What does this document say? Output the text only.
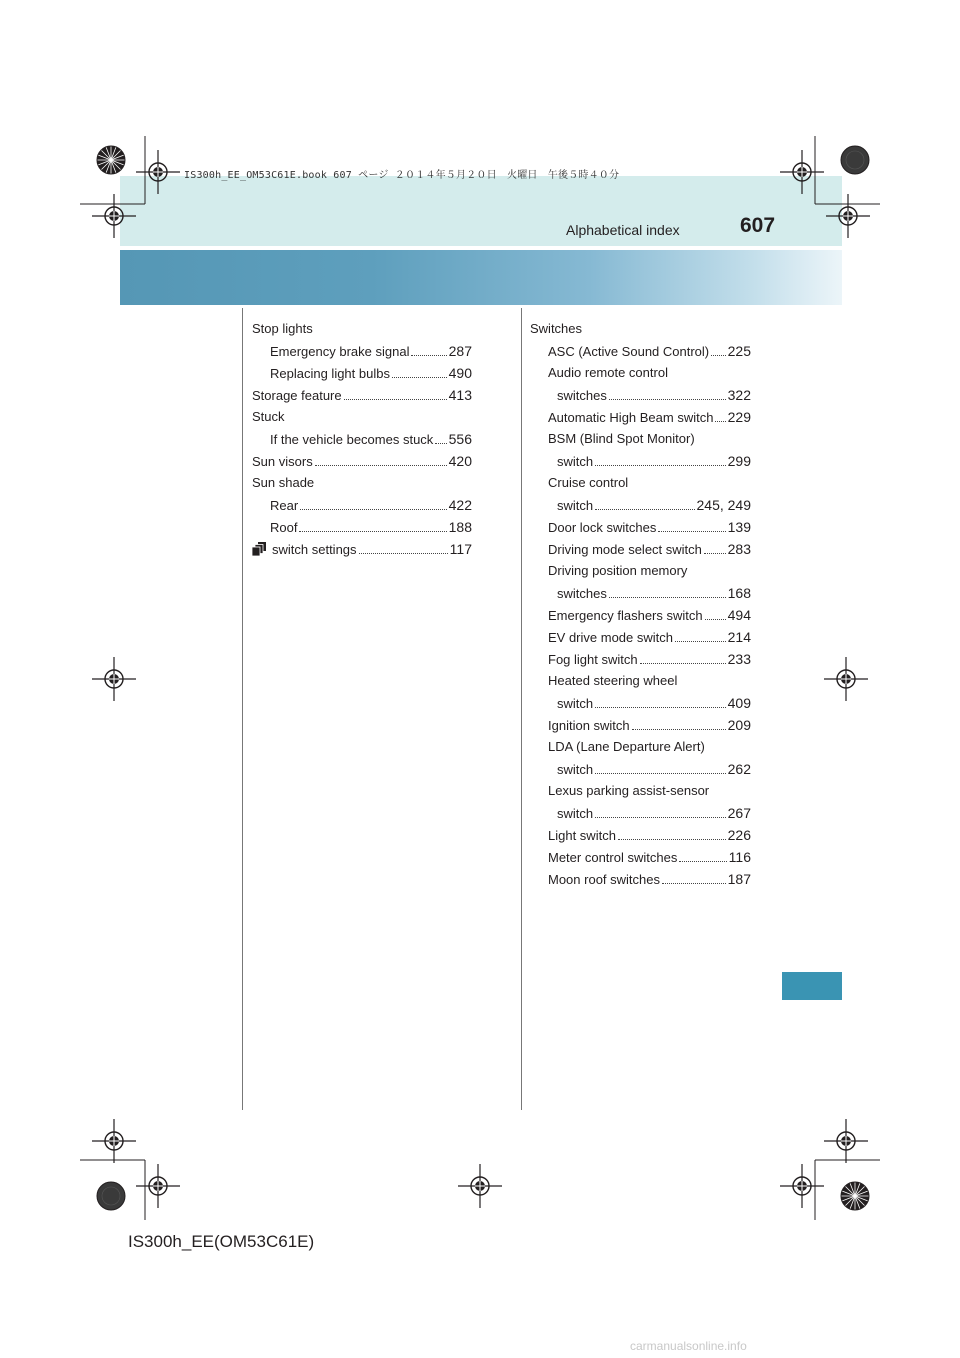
IS300h_EE_OM53C61E.book 607 ページ ２０１４年５月２０日　火曜日　午後５時４０分
Alphabetical index	607
Stop lights
Emergency brake signal	287
Replacing light bulbs	490
Storage feature	413
Stuck
If the vehicle becomes stuck 556
Sun visors	420
Sun shade
Rear	422
Roof	188
switch settings	117
Switches
ASC (Active Sound Control) 225
Audio remote control
switches	322
Automatic High Beam switch 229
BSM (Blind Spot Monitor)
switch	299
Cruise control
switch	245, 249
Door lock switches	139
Driving mode select switch 283
Driving position memory
switches	168
Emergency flashers switch 494
EV drive mode switch	214
Fog light switch	233
Heated steering wheel
switch	409
Ignition switch	209
LDA (Lane Departure Alert)
switch	262
Lexus parking assist-sensor
switch	267
Light switch	226
Meter control switches	116
Moon roof switches	187
IS300h_EE(OM53C61E)
carmanualsonline.info
